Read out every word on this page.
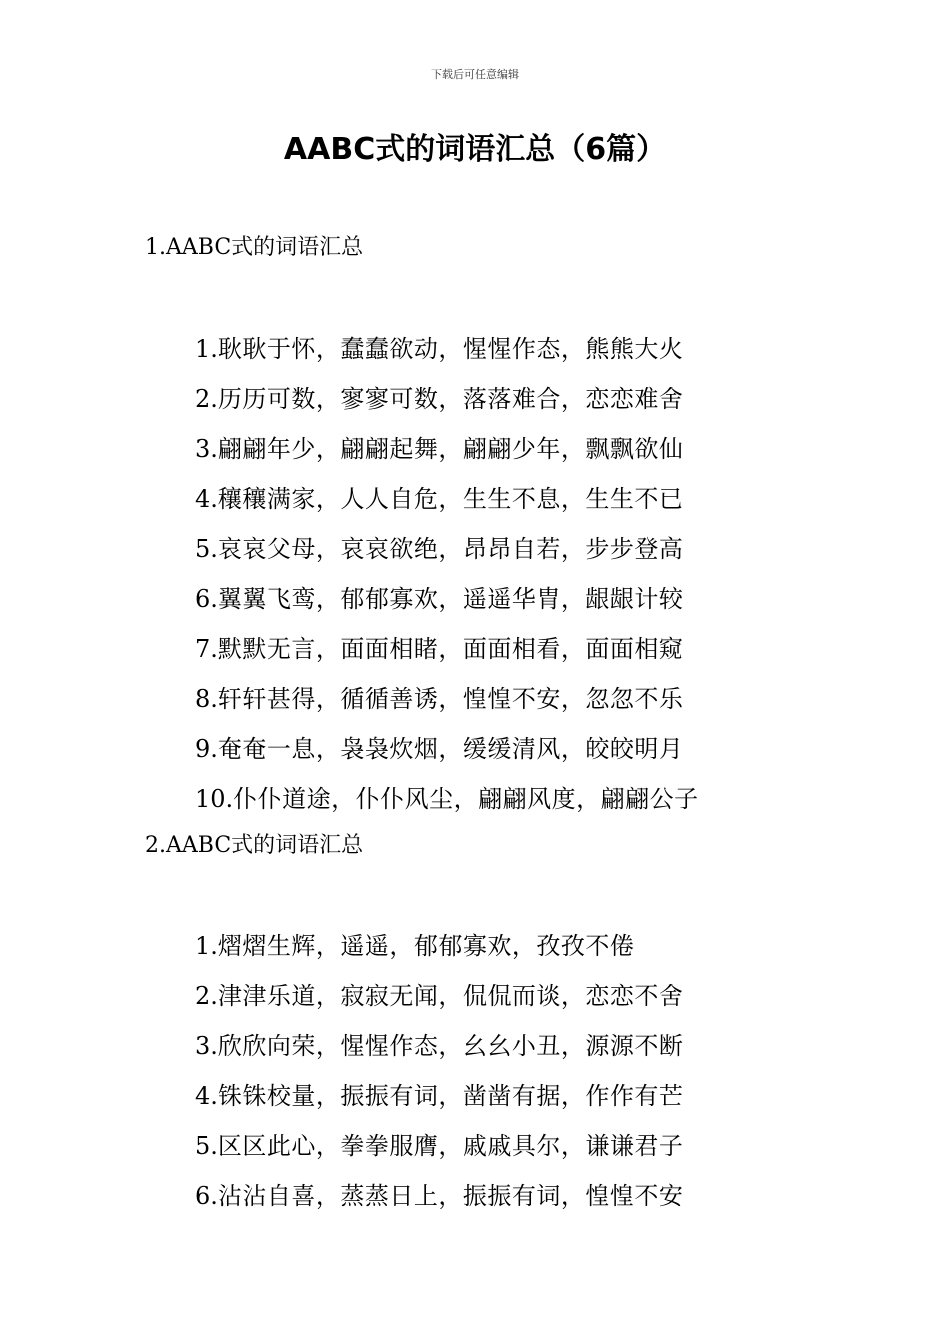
下载后可任意编辑
AABC式的词语汇总（6篇）
1.AABC式的词语汇总
1.耿耿于怀，蠢蠢欲动，惺惺作态，熊熊大火
2.历历可数，寥寥可数，落落难合，恋恋难舍
3.翩翩年少，翩翩起舞，翩翩少年，飘飘欲仙
4.穰穰满家，人人自危，生生不息，生生不已
5.哀哀父母，哀哀欲绝，昂昂自若，步步登高
6.翼翼飞鸾，郁郁寡欢，遥遥华胄，龈龈计较
7.默默无言，面面相睹，面面相看，面面相窥
8.轩轩甚得，循循善诱，惶惶不安，忽忽不乐
9.奄奄一息，袅袅炊烟，缓缓清风，皎皎明月
10.仆仆道途，仆仆风尘，翩翩风度，翩翩公子
2.AABC式的词语汇总
1.熠熠生辉，遥遥，郁郁寡欢，孜孜不倦
2.津津乐道，寂寂无闻，侃侃而谈，恋恋不舍
3.欣欣向荣，惺惺作态，幺幺小丑，源源不断
4.铢铢校量，振振有词，凿凿有据，作作有芒
5.区区此心，拳拳服膺，戚戚具尔，谦谦君子
6.沾沾自喜，蒸蒸日上，振振有词，惶惶不安
